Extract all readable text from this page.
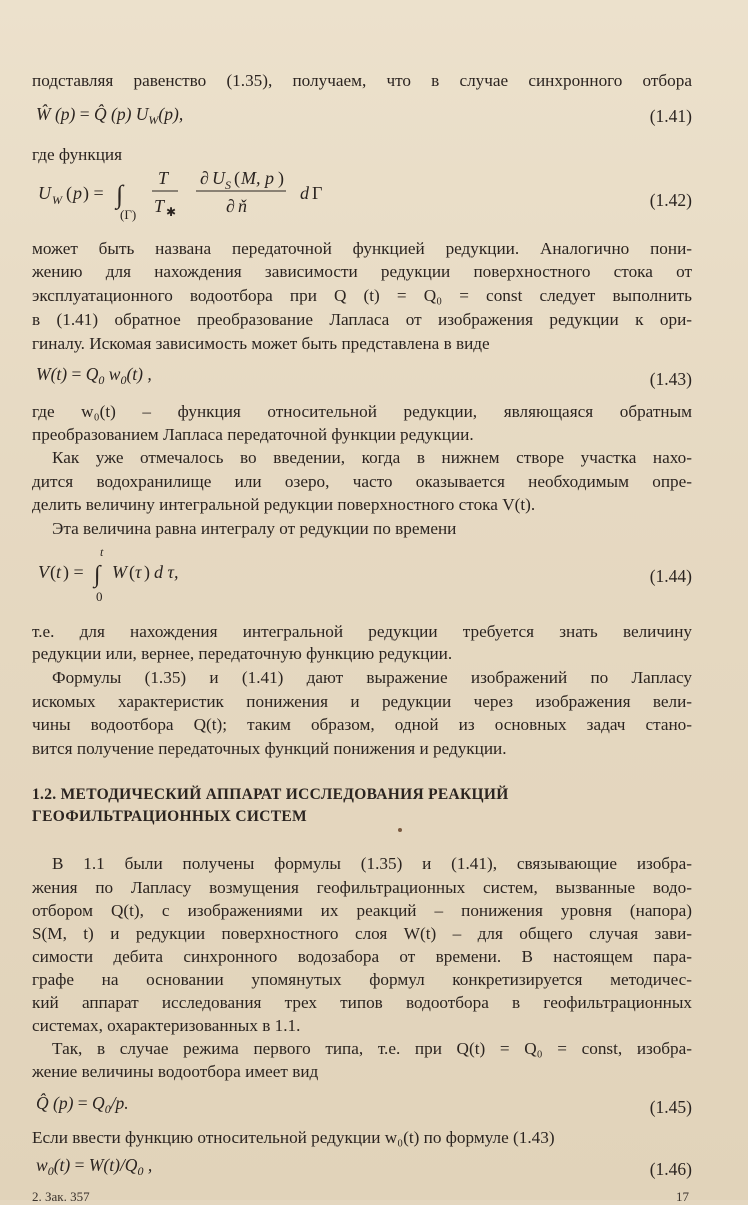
подставляя равенство (1.35), получаем, что в случае синхронного отбора
Ŵ (p) = Q̂ (p) $U_W(p)$,	(1.41)
где функция
U W ( p ) = ∫
(Г)
T
T ✱
∂ U S ( M, p )
∂ ň
d Г	(1.42)
может быть названа передаточной функцией редукции. Аналогично пони-
жению для нахождения зависимости редукции поверхностного стока от
эксплуатационного водоотбора при Q (t) = Q₀ = const следует выполнить
в (1.41) обратное преобразование Лапласа от изображения редукции к ори-
гиналу. Искомая зависимость может быть представлена в виде
$W(t) = Q_0$ $w_0(t)$ ,	(1.43)
где w₀(t) – функция относительной редукции, являющаяся обратным
преобразованием Лапласа передаточной функции редукции.
Как уже отмечалось во введении, когда в нижнем створе участка нахо-
дится водохранилище или озеро, часто оказывается необходимым опре-
делить величину интегральной редукции поверхностного стока V(t).
Эта величина равна интегралу от редукции по времени
V ( t ) = ∫
t
0
W ( τ ) d τ,	(1.44)
т.е. для нахождения интегральной редукции требуется знать величину
редукции или, вернее, передаточную функцию редукции.
Формулы (1.35) и (1.41) дают выражение изображений по Лапласу
искомых характеристик понижения и редукции через изображения вели-
чины водоотбора Q(t); таким образом, одной из основных задач стано-
вится получение передаточных функций понижения и редукции.
1.2. МЕТОДИЧЕСКИЙ АППАРАТ ИССЛЕДОВАНИЯ РЕАКЦИЙ
ГЕОФИЛЬТРАЦИОННЫХ СИСТЕМ
В 1.1 были получены формулы (1.35) и (1.41), связывающие изобра-
жения по Лапласу возмущения геофильтрационных систем, вызванные водо-
отбором Q(t), с изображениями их реакций – понижения уровня (напора)
S(M, t) и редукции поверхностного слоя W(t) – для общего случая зави-
симости дебита синхронного водозабора от времени. В настоящем пара-
графе на основании упомянутых формул конкретизируется методичес-
кий аппарат исследования трех типов водоотбора в геофильтрационных
системах, охарактеризованных в 1.1.
Так, в случае режима первого типа, т.е. при Q(t) = Q₀ = const, изобра-
жение величины водоотбора имеет вид
Q̂ $(p) = Q_0/p$.	(1.45)
Если ввести функцию относительной редукции w₀(t) по формуле (1.43)
$w_0(t) = W(t)/Q_0$ ,	(1.46)
2. Зак. 357	17
